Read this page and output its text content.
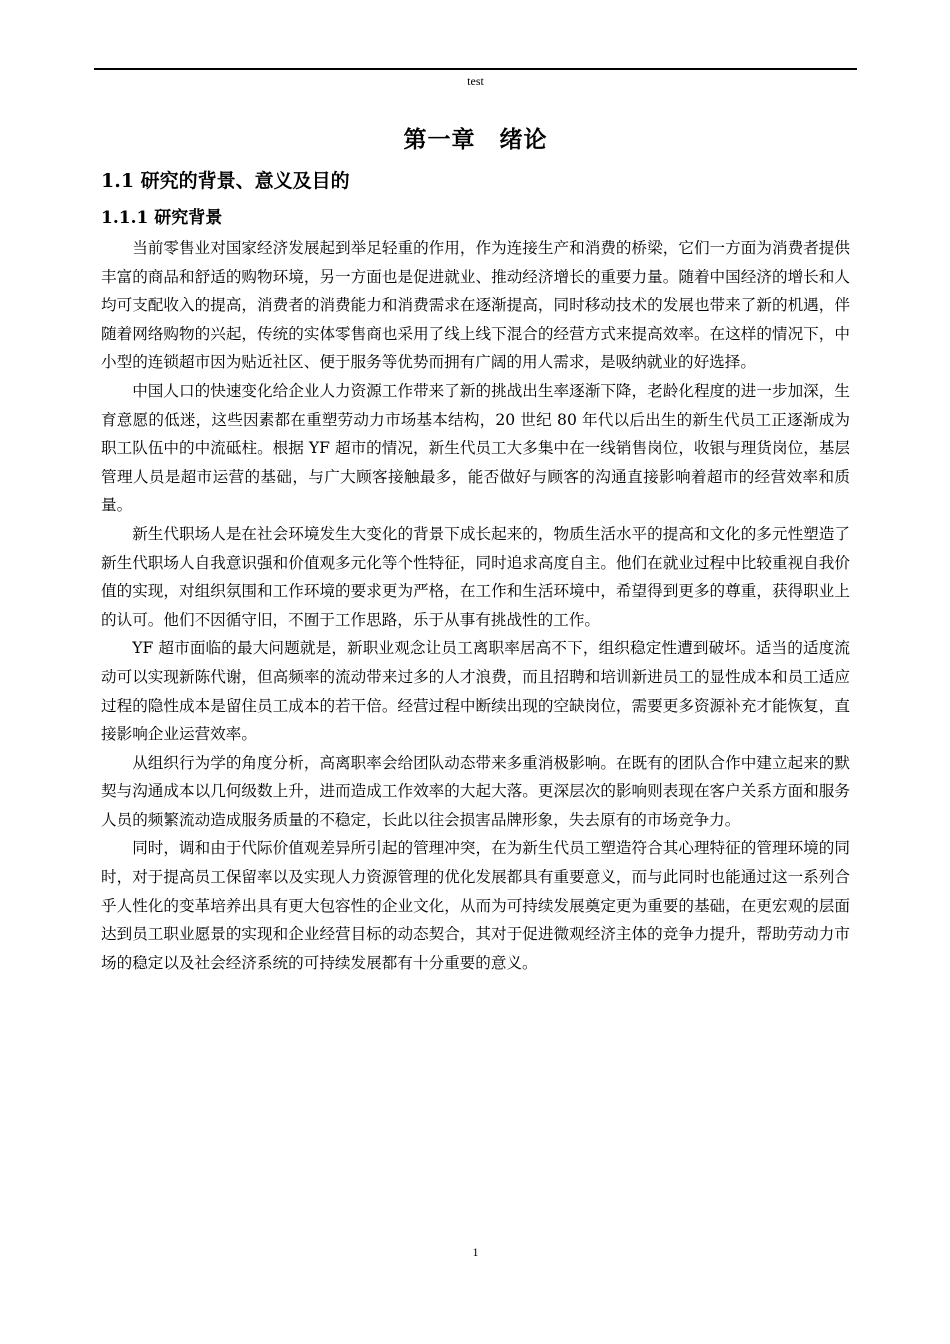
test
第一章　绪论
1.1 研究的背景、意义及目的
1.1.1 研究背景

当前零售业对国家经济发展起到举足轻重的作用，作为连接生产和消费的桥梁，它们一方面为消费者提供丰富的商品和舒适的购物环境，另一方面也是促进就业、推动经济增长的重要力量。随着中国经济的增长和人均可支配收入的提高，消费者的消费能力和消费需求在逐渐提高，同时移动技术的发展也带来了新的机遇，伴随着网络购物的兴起，传统的实体零售商也采用了线上线下混合的经营方式来提高效率。在这样的情况下，中小型的连锁超市因为贴近社区、便于服务等优势而拥有广阔的用人需求，是吸纳就业的好选择。

中国人口的快速变化给企业人力资源工作带来了新的挑战出生率逐渐下降，老龄化程度的进一步加深，生育意愿的低迷，这些因素都在重塑劳动力市场基本结构，20 世纪 80 年代以后出生的新生代员工正逐渐成为职工队伍中的中流砥柱。根据 YF 超市的情况，新生代员工大多集中在一线销售岗位，收银与理货岗位，基层管理人员是超市运营的基础，与广大顾客接触最多，能否做好与顾客的沟通直接影响着超市的经营效率和质量。

新生代职场人是在社会环境发生大变化的背景下成长起来的，物质生活水平的提高和文化的多元性塑造了新生代职场人自我意识强和价值观多元化等个性特征，同时追求高度自主。他们在就业过程中比较重视自我价值的实现，对组织氛围和工作环境的要求更为严格，在工作和生活环境中，希望得到更多的尊重，获得职业上的认可。他们不因循守旧，不囿于工作思路，乐于从事有挑战性的工作。

YF 超市面临的最大问题就是，新职业观念让员工离职率居高不下，组织稳定性遭到破坏。适当的适度流动可以实现新陈代谢，但高频率的流动带来过多的人才浪费，而且招聘和培训新进员工的显性成本和员工适应过程的隐性成本是留住员工成本的若干倍。经营过程中断续出现的空缺岗位，需要更多资源补充才能恢复，直接影响企业运营效率。

从组织行为学的角度分析，高离职率会给团队动态带来多重消极影响。在既有的团队合作中建立起来的默契与沟通成本以几何级数上升，进而造成工作效率的大起大落。更深层次的影响则表现在客户关系方面和服务人员的频繁流动造成服务质量的不稳定，长此以往会损害品牌形象，失去原有的市场竞争力。

同时，调和由于代际价值观差异所引起的管理冲突，在为新生代员工塑造符合其心理特征的管理环境的同时，对于提高员工保留率以及实现人力资源管理的优化发展都具有重要意义，而与此同时也能通过这一系列合乎人性化的变革培养出具有更大包容性的企业文化，从而为可持续发展奠定更为重要的基础，在更宏观的层面达到员工职业愿景的实现和企业经营目标的动态契合，其对于促进微观经济主体的竞争力提升，帮助劳动力市场的稳定以及社会经济系统的可持续发展都有十分重要的意义。

1
